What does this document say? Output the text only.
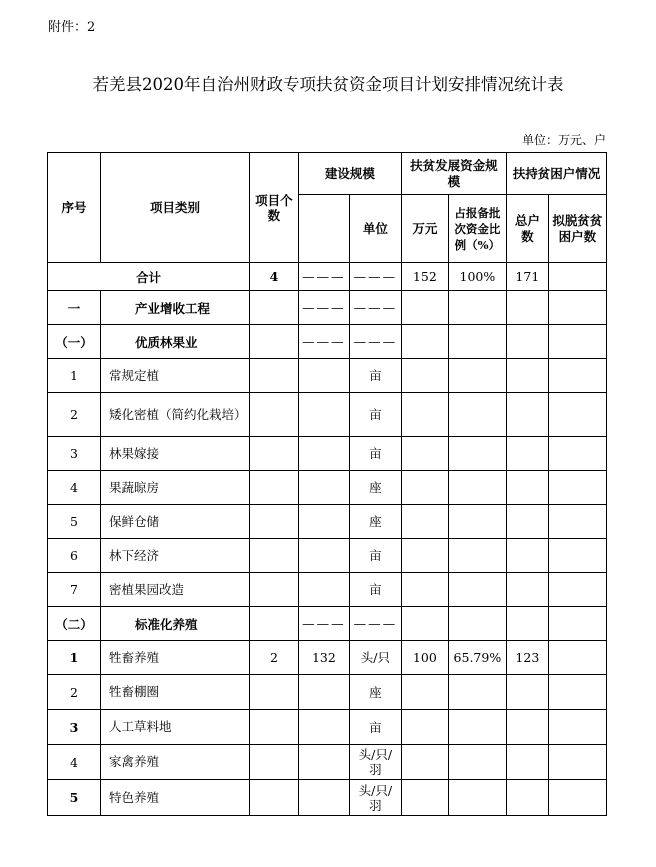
附件：2
若羌县2020年自治州财政专项扶贫资金项目计划安排情况统计表
单位：万元、户
序号	项目类别	项目个数	建设规模		扶贫发展资金规模		扶持贫困户情况	
				单位	万元	占报备批次资金比例（%）	总户数	拟脱贫贫困户数
合计		4	———	———	152	100%	171	
一	产业增收工程		———	———				
（一）	优质林果业		———	———				
1	常规定植			亩				
2	矮化密植（简约化栽培）			亩				
3	林果嫁接			亩				
4	果蔬晾房			座				
5	保鲜仓储			座				
6	林下经济			亩				
7	密植果园改造			亩				
（二）	标准化养殖		———	———				
1	牲畜养殖	2	132	头/只	100	65.79%	123	
2	牲畜棚圈			座				
3	人工草料地			亩				
4	家禽养殖			头/只/羽				
5	特色养殖			头/只/羽				
